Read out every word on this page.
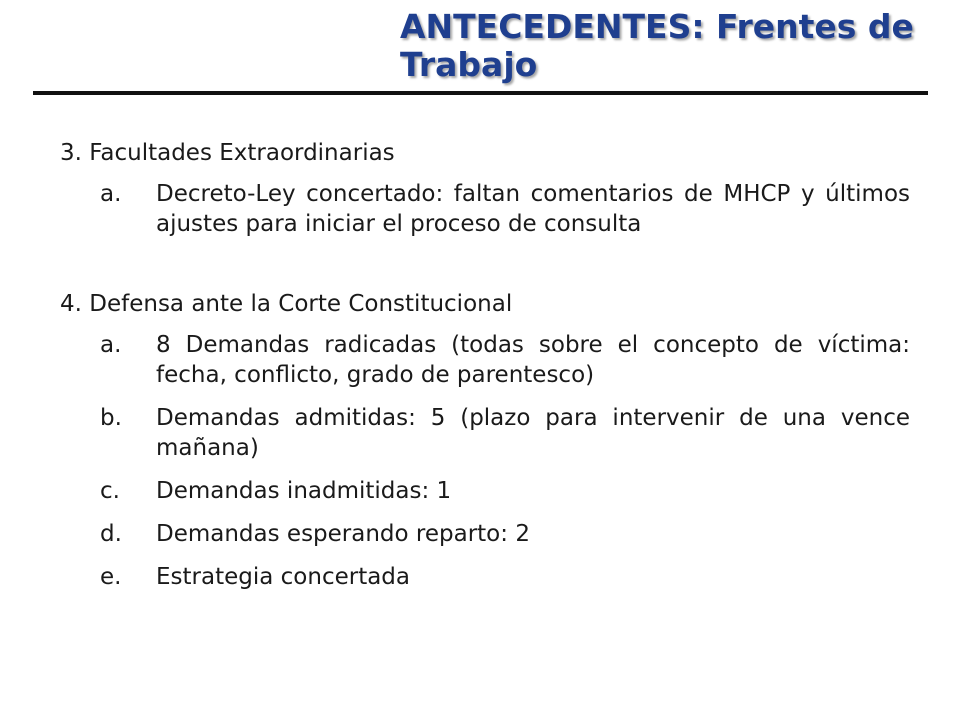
ANTECEDENTES: Frentes de Trabajo
3. Facultades Extraordinarias
a.	Decreto-Ley concertado: faltan comentarios de MHCP y últimos ajustes para iniciar el proceso de consulta
4. Defensa ante la Corte Constitucional
a.	8 Demandas radicadas (todas sobre el concepto de víctima: fecha, conflicto, grado de parentesco)
b.	Demandas admitidas: 5 (plazo para intervenir de una vence mañana)
c.	Demandas inadmitidas: 1
d.	Demandas esperando reparto: 2
e.	Estrategia concertada
